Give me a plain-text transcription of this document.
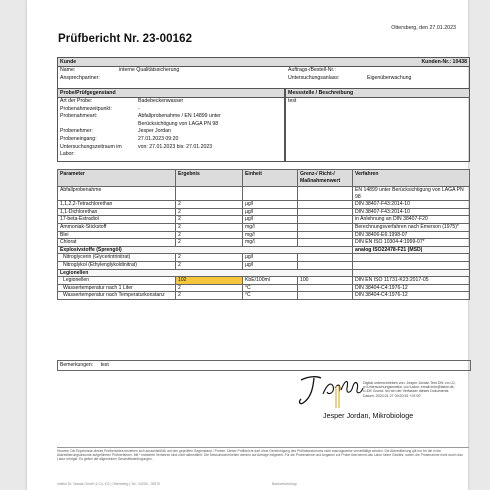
Ottersberg, den 27.01.2023
Prüfbericht Nr. 23-00162
Kunde	Kunden-Nr.: 10438
Name:	interne Qualitätssicherung	Auftrags-/Bestell-Nr.:
Ansprechpartner:	Untersuchungsanlass:	Eigenüberwachung
Probe/Prüfgegenstand
Art der Probe:	Badebeckenwasser
Probenahmezeitpunkt:	-
Probenahmeart:	Abfallprobenahme / EN 14899 unter
Berücksichtigung von LAGA PN 98
Probenehmer:	Jesper Jordan
Probeneingang:	27.01.2023 09:20
Untersuchungszeitraum im	von: 27.01.2023 bis: 27.01.2023
Labor:
Messstelle / Beschreibung
test
Parameter	Ergebnis	Einheit	Grenz-/ Richt-/ Maßnahmenwert	Verfahren
Abfallprobenahme				EN 14899 unter Berücksichtigung von LAGA PN 98
1,1,2,2-Tetrachlorethan	2	µg/l		DIN 38407-F43:2014-10
1,1-Dichlorethan	2	µg/l		DIN 38407-F43:2014-10
17-beta-Estradiol	2	µg/l		in Anlehnung an DIN 38407-F20
Ammoniak-Stickstoff	2	mg/l		Berechnungsverfahren nach Emerson (1975)*
Blei	2	mg/l		DIN 38406-E6:1998-07
Chlorat	2	mg/l		DIN EN ISO 10304-4:1999-07*
Explosivstoffe (Sprengöl)				analog ISO22478-F21 (MSD)
Nitroglycerin (Glycerintrinitrat)	2	µg/l		
Nitroglykol (Ethylenglykoldinitrat)	2	µg/l		
Legionellen				
Legionellen	102	KbE/100ml	100	DIN EN ISO 11731-K23:2017-05
Wassertemperatur nach 1 Liter	2	°C		DIN 38404-C4:1976-12
Wassertemperatur nach Temperaturkonstanz	2	°C		DIN 38404-C4:1976-12
Bemerkungen: test
Digital unterschrieben von: Jesper Jordan Test DN: cn=JJ, o=Untersuchungsinstitut, ou=Labor, email=info@labor.de, c=DE Grund: Ich bin der Verfasser dieses Dokuments Datum: 2023.01.27 09:20:51 +01'00'
Jesper Jordan, Mikrobiologe
Hinweis: Die Ergebnisse dieses Prüfberichtes beziehen sich ausschließlich auf den geprüften Gegenstand / Proben. Dieser Prüfbericht darf ohne Genehmigung des Prüflaboratoriums nicht auszugsweise vervielfältigt werden. Die Akkreditierung gilt nur für die in der Akkreditierungsurkunde aufgeführten Prüfverfahren. Mit * markierte Verfahren sind nicht akkreditiert. Die Messunsicherheiten werden auf Anfrage mitgeteilt. Für die Probenahme und Angaben zur Probe übernimmt das Labor keine Gewähr, sofern die Probenahme nicht durch das Labor erfolgte. Es gelten die allgemeinen Geschäftsbedingungen.
Institut Dr. Nowak GmbH & Co. KG | Ottersberg | Tel.: 04205 - 39570	Bankverbindung
